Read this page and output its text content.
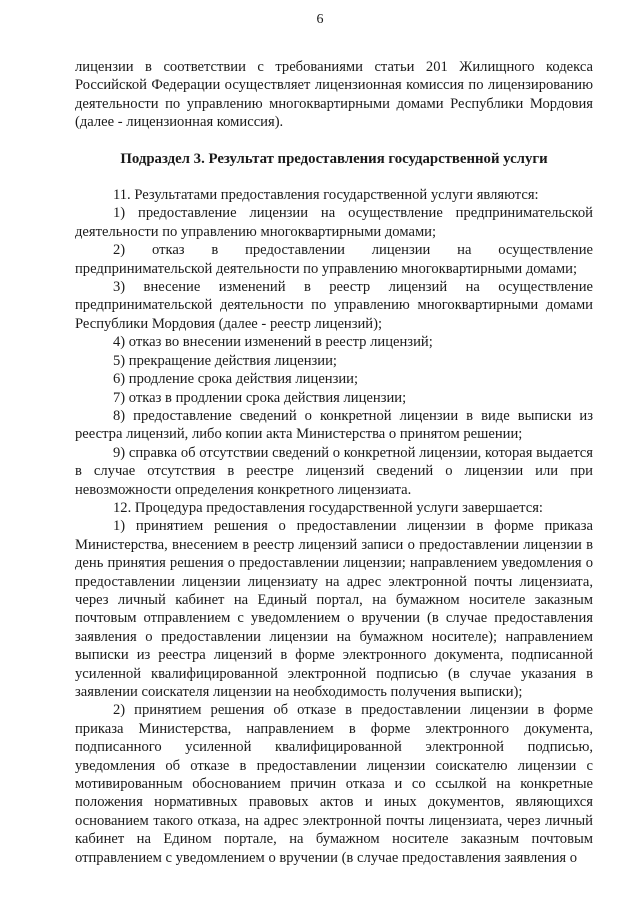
6

лицензии в соответствии с требованиями статьи 201 Жилищного кодекса Российской Федерации осуществляет лицензионная комиссия по лицензированию деятельности по управлению многоквартирными домами Республики Мордовия (далее - лицензионная комиссия).

Подраздел 3. Результат предоставления государственной услуги

11. Результатами предоставления государственной услуги являются:

1) предоставление лицензии на осуществление предпринимательской деятельности по управлению многоквартирными домами;

2) отказ в предоставлении лицензии на осуществление предпринимательской деятельности по управлению многоквартирными домами;

3) внесение изменений в реестр лицензий на осуществление предпринимательской деятельности по управлению многоквартирными домами Республики Мордовия (далее - реестр лицензий);

4) отказ во внесении изменений в реестр лицензий;

5) прекращение действия лицензии;

6) продление срока действия лицензии;

7) отказ в продлении срока действия лицензии;

8) предоставление сведений о конкретной лицензии в виде выписки из реестра лицензий, либо копии акта Министерства о принятом решении;

9) справка об отсутствии сведений о конкретной лицензии, которая выдается в случае отсутствия в реестре лицензий сведений о лицензии или при невозможности определения конкретного лицензиата.

12. Процедура предоставления государственной услуги завершается:

1) принятием решения о предоставлении лицензии в форме приказа Министерства, внесением в реестр лицензий записи о предоставлении лицензии в день принятия решения о предоставлении лицензии; направлением уведомления о предоставлении лицензии лицензиату на адрес электронной почты лицензиата, через личный кабинет на Единый портал, на бумажном носителе заказным почтовым отправлением с уведомлением о вручении (в случае предоставления заявления о предоставлении лицензии на бумажном носителе); направлением выписки из реестра лицензий в форме электронного документа, подписанной усиленной квалифицированной электронной подписью (в случае указания в заявлении соискателя лицензии на необходимость получения выписки);

2) принятием решения об отказе в предоставлении лицензии в форме приказа Министерства, направлением в форме электронного документа, подписанного усиленной квалифицированной электронной подписью, уведомления об отказе в предоставлении лицензии соискателю лицензии с мотивированным обоснованием причин отказа и со ссылкой на конкретные положения нормативных правовых актов и иных документов, являющихся основанием такого отказа, на адрес электронной почты лицензиата, через личный кабинет на Едином портале, на бумажном носителе заказным почтовым отправлением с уведомлением о вручении (в случае предоставления заявления о
